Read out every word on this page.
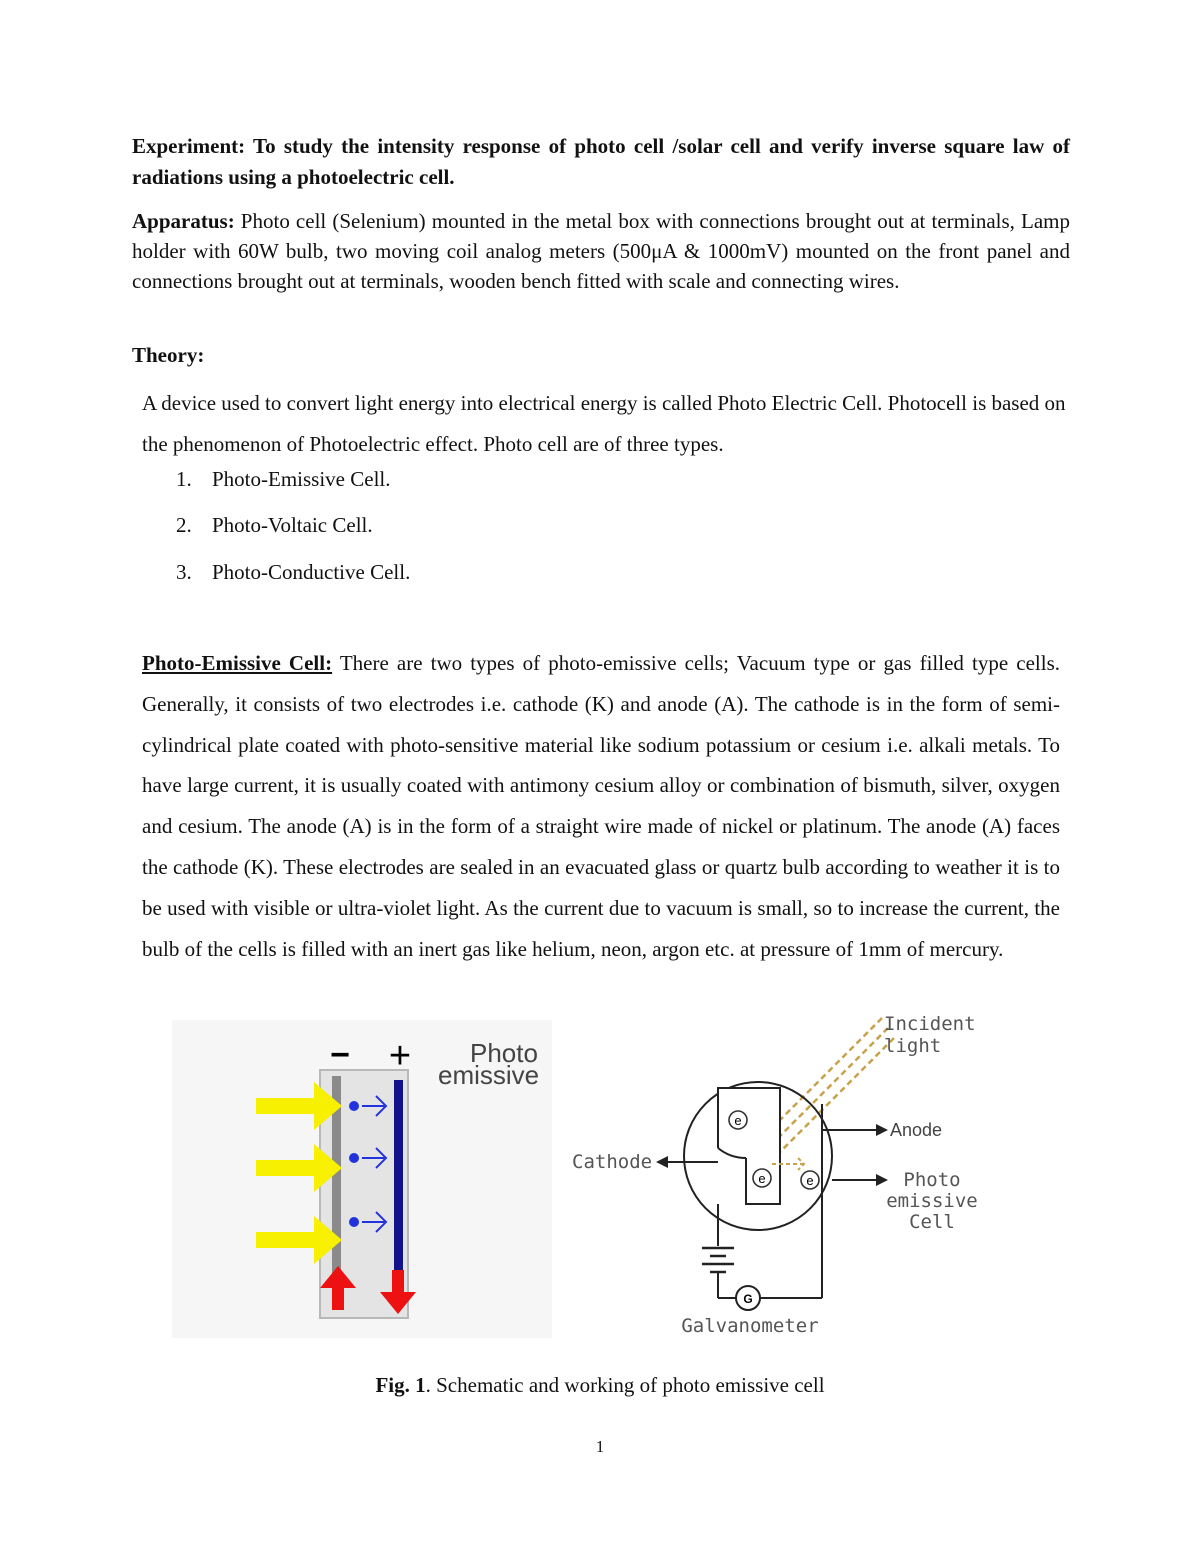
Experiment: To study the intensity response of photo cell /solar cell and verify inverse square law of radiations using a photoelectric cell.

Apparatus: Photo cell (Selenium) mounted in the metal box with connections brought out at terminals, Lamp holder with 60W bulb, two moving coil analog meters (500μA & 1000mV) mounted on the front panel and connections brought out at terminals, wooden bench fitted with scale and connecting wires.

Theory:

A device used to convert light energy into electrical energy is called Photo Electric Cell. Photocell is based on the phenomenon of Photoelectric effect. Photo cell are of three types.

1. Photo-Emissive Cell.
2. Photo-Voltaic Cell.
3. Photo-Conductive Cell.

Photo-Emissive Cell: There are two types of photo-emissive cells; Vacuum type or gas filled type cells. Generally, it consists of two electrodes i.e. cathode (K) and anode (A). The cathode is in the form of semi-cylindrical plate coated with photo-sensitive material like sodium potassium or cesium i.e. alkali metals. To have large current, it is usually coated with antimony cesium alloy or combination of bismuth, silver, oxygen and cesium. The anode (A) is in the form of a straight wire made of nickel or platinum. The anode (A) faces the cathode (K). These electrodes are sealed in an evacuated glass or quartz bulb according to weather it is to be used with visible or ultra-violet light. As the current due to vacuum is small, so to increase the current, the bulb of the cells is filled with an inert gas like helium, neon, argon etc. at pressure of 1mm of mercury.

− + Photo
emissive
Incident
light
Anode
Cathode
Photo
emissive
Cell
e
e	e
G
Galvanometer
Fig. 1. Schematic and working of photo emissive cell
1
